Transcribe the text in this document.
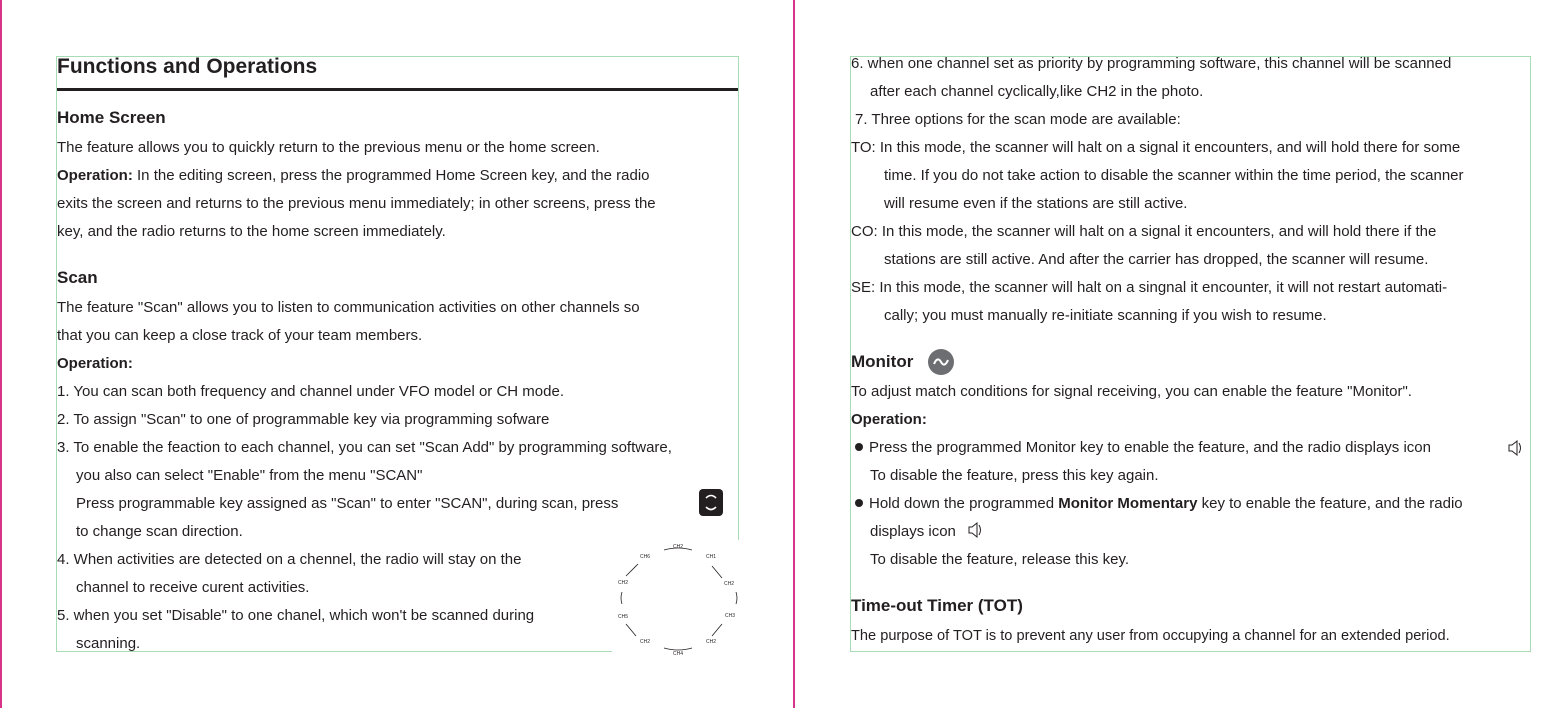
Functions and Operations
Home Screen
The feature allows you to quickly return to the previous menu or the home screen.
Operation: In the editing screen, press the programmed Home Screen key, and the radio
exits the screen and returns to the previous menu immediately; in other screens, press the
key, and the radio returns to the home screen immediately.
Scan
The feature "Scan" allows you to listen to communication activities on other channels so
that you can keep a close track of your team members.
Operation:
1. You can scan both frequency and channel under VFO model or CH mode.
2. To assign "Scan" to one of programmable key via programming sofware
3. To enable the feaction to each channel, you can set "Scan Add" by programming software,
you also can select "Enable" from the menu "SCAN"
Press programmable key assigned as "Scan" to enter "SCAN", during scan, press
to change scan direction.
4. When activities are detected on a chennel, the radio will stay on the
channel to receive curent activities.
5. when you set "Disable" to one chanel, which won't be scanned during
scanning.
CH2
CH1
CH2
CH3
CH2
CH4
CH2
CH5
CH2
CH6
6. when one channel set as priority by programming software, this channel will be scanned
after each channel cyclically,like CH2 in the photo.
7. Three options for the scan mode are available:
TO: In this mode, the scanner will halt on a signal it encounters, and will hold there for some
time. If you do not take action to disable the scanner within the time period, the scanner
will resume even if the stations are still active.
CO: In this mode, the scanner will halt on a signal it encounters, and will hold there if the
stations are still active. And after the carrier has dropped, the scanner will resume.
SE: In this mode, the scanner will halt on a singnal it encounter, it will not restart automati-
cally; you must manually re-initiate scanning if you wish to resume.
Monitor
To adjust match conditions for signal receiving, you can enable the feature "Monitor".
Operation:
Press the programmed Monitor key to enable the feature, and the radio displays icon
To disable the feature, press this key again.
Hold down the programmed Monitor Momentary key to enable the feature, and the radio
displays icon
To disable the feature, release this key.
Time-out Timer (TOT)
The purpose of TOT is to prevent any user from occupying a channel for an extended period.
